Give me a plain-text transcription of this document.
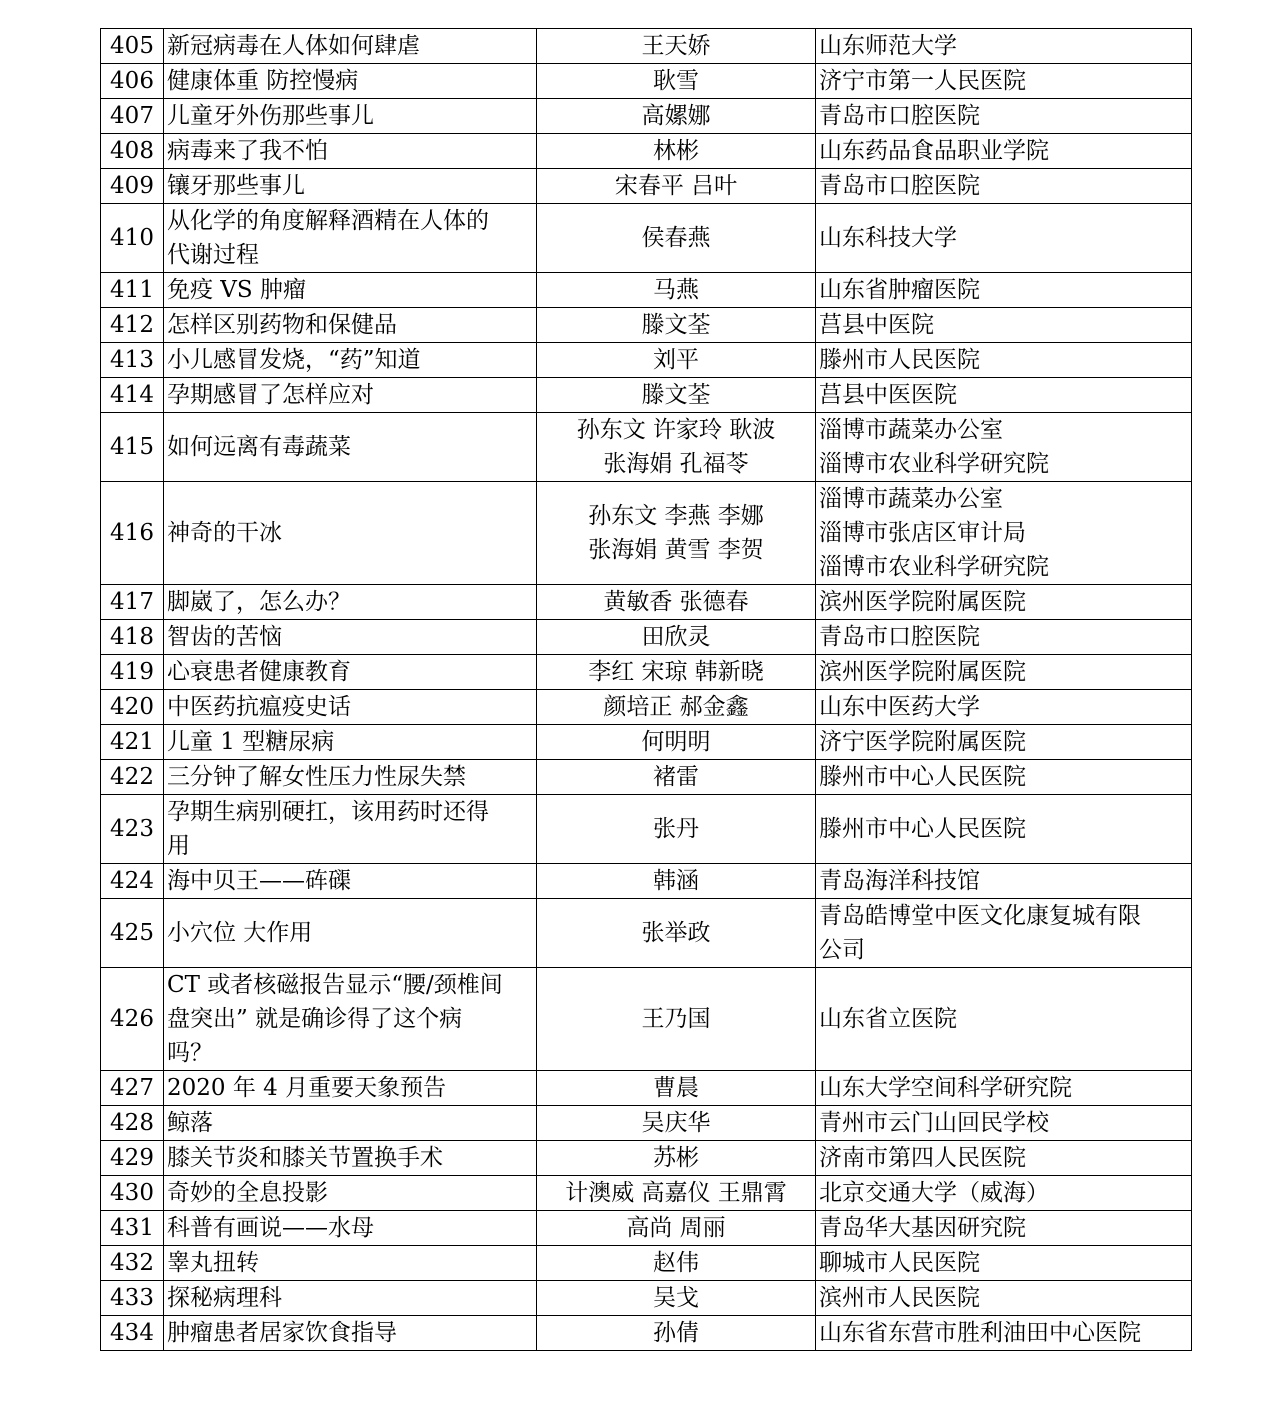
405	新冠病毒在人体如何肆虐	王天娇	山东师范大学

406	健康体重 防控慢病	耿雪	济宁市第一人民医院

407	儿童牙外伤那些事儿	高嫘娜	青岛市口腔医院

408	病毒来了我不怕	林彬	山东药品食品职业学院

409	镶牙那些事儿	宋春平 吕叶	青岛市口腔医院

410	从化学的角度解释酒精在人体的
代谢过程	侯春燕	山东科技大学

411	免疫 VS 肿瘤	马燕	山东省肿瘤医院

412	怎样区别药物和保健品	滕文荃	莒县中医院

413	小儿感冒发烧，“药”知道	刘平	滕州市人民医院

414	孕期感冒了怎样应对	滕文荃	莒县中医医院

415	如何远离有毒蔬菜	孙东文 许家玲 耿波
张海娟 孔福苓	淄博市蔬菜办公室
淄博市农业科学研究院

416	神奇的干冰	孙东文 李燕 李娜
张海娟 黄雪 李贺	淄博市蔬菜办公室
淄博市张店区审计局
淄博市农业科学研究院

417	脚崴了，怎么办？	黄敏香 张德春	滨州医学院附属医院

418	智齿的苦恼	田欣灵	青岛市口腔医院

419	心衰患者健康教育	李红 宋琼 韩新晓	滨州医学院附属医院

420	中医药抗瘟疫史话	颜培正 郝金鑫	山东中医药大学

421	儿童 1 型糖尿病	何明明	济宁医学院附属医院

422	三分钟了解女性压力性尿失禁	褚雷	滕州市中心人民医院

423	孕期生病别硬扛，该用药时还得
用	张丹	滕州市中心人民医院

424	海中贝王——砗磲	韩涵	青岛海洋科技馆

425	小穴位 大作用	张举政	青岛皓博堂中医文化康复城有限
公司

426	CT 或者核磁报告显示“腰/颈椎间
盘突出” 就是确诊得了这个病
吗？	王乃国	山东省立医院

427	2020 年 4 月重要天象预告	曹晨	山东大学空间科学研究院

428	鲸落	吴庆华	青州市云门山回民学校

429	膝关节炎和膝关节置换手术	苏彬	济南市第四人民医院

430	奇妙的全息投影	计澳威 高嘉仪 王鼎霄	北京交通大学（威海）

431	科普有画说——水母	高尚 周丽	青岛华大基因研究院

432	睾丸扭转	赵伟	聊城市人民医院

433	探秘病理科	吴戈	滨州市人民医院

434	肿瘤患者居家饮食指导	孙倩	山东省东营市胜利油田中心医院
